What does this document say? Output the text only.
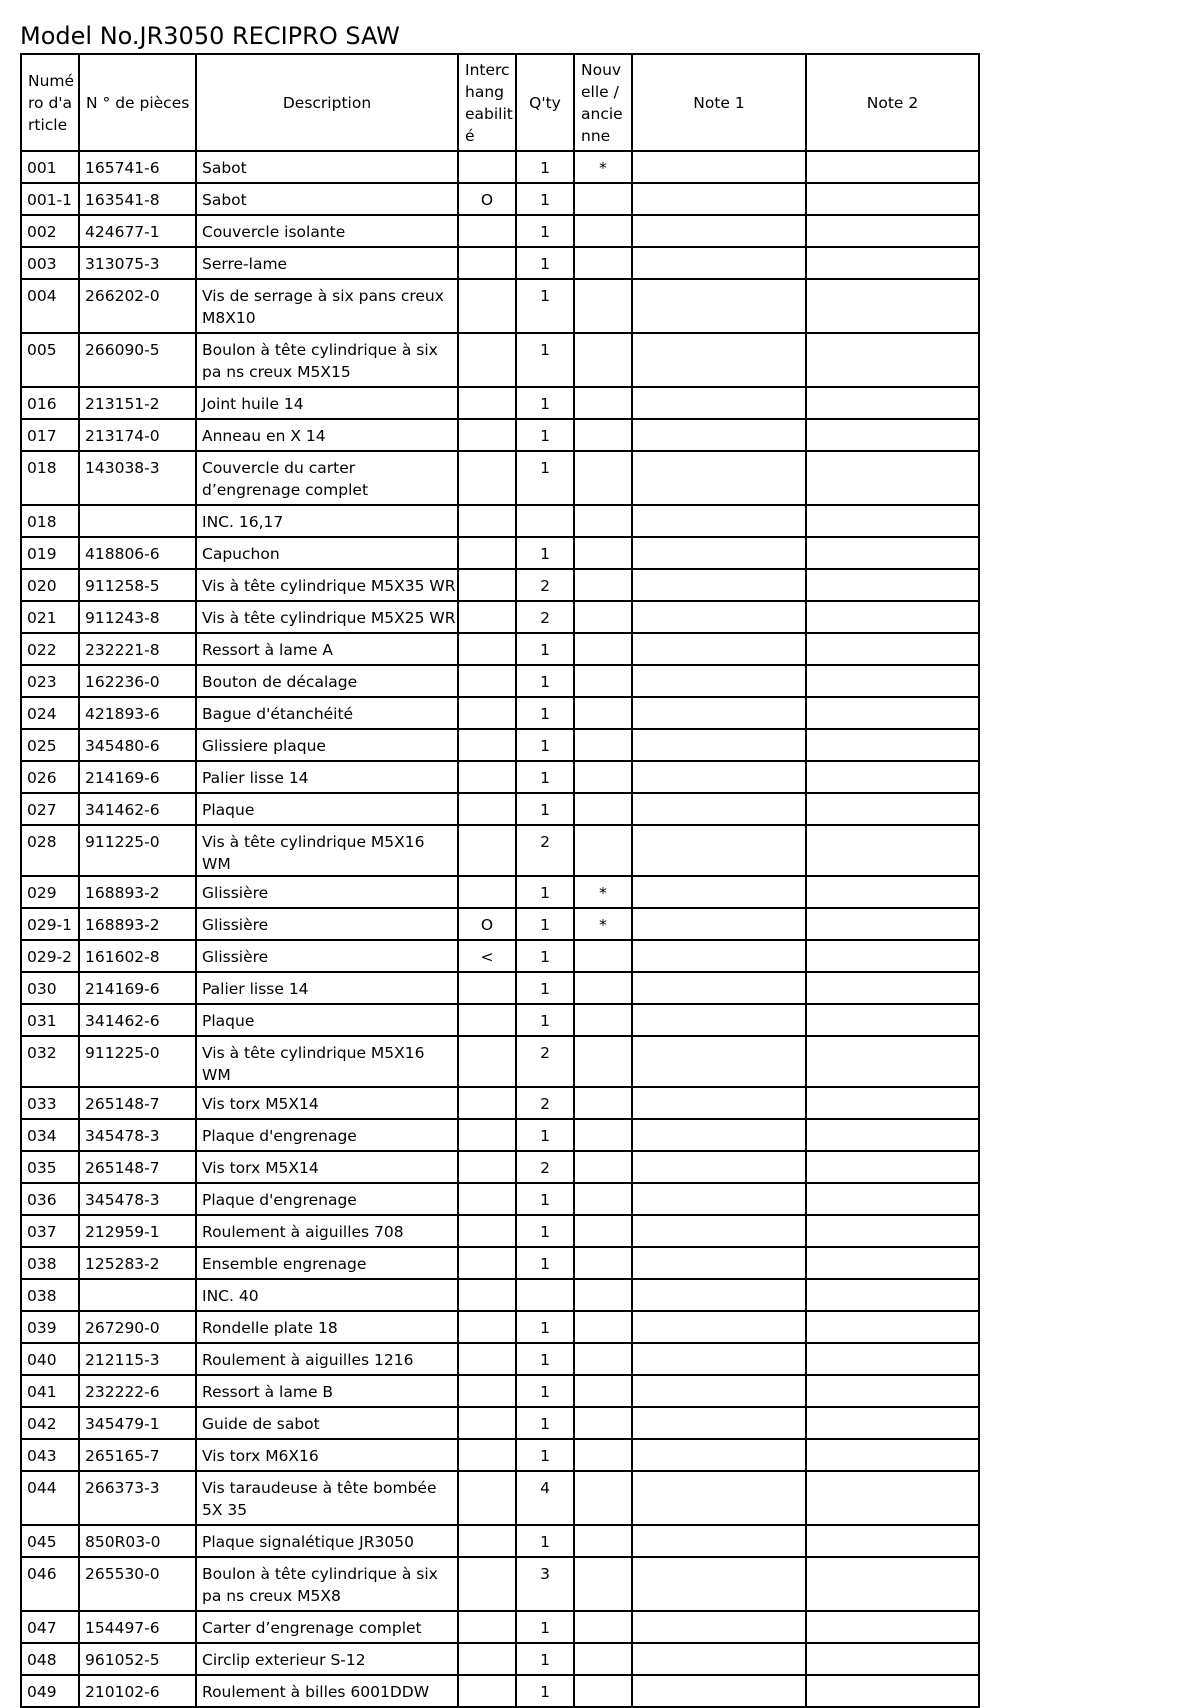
Model No.JR3050 RECIPRO SAW
Numé ro d'a rticle	N ° de pièces	Description	Interc hang eabilit é	Q'ty	Nouv elle / ancie nne	Note 1	Note 2
001	165741-6	Sabot		1	*		
001-1	163541-8	Sabot	O	1			
002	424677-1	Couvercle isolante		1			
003	313075-3	Serre-lame		1			
004	266202-0	Vis de serrage à six pans creux M8X10		1			
005	266090-5	Boulon à tête cylindrique à six pa ns creux M5X15		1			
016	213151-2	Joint huile 14		1			
017	213174-0	Anneau en X 14		1			
018	143038-3	Couvercle du carter d’engrenage complet		1			
018		INC. 16,17					
019	418806-6	Capuchon		1			
020	911258-5	Vis à tête cylindrique M5X35 WR		2			
021	911243-8	Vis à tête cylindrique M5X25 WR		2			
022	232221-8	Ressort à lame A		1			
023	162236-0	Bouton de décalage		1			
024	421893-6	Bague d'étanchéité		1			
025	345480-6	Glissiere plaque		1			
026	214169-6	Palier lisse 14		1			
027	341462-6	Plaque		1			
028	911225-0	Vis à tête cylindrique M5X16 WM		2			
029	168893-2	Glissière		1	*		
029-1	168893-2	Glissière	O	1	*		
029-2	161602-8	Glissière	<	1			
030	214169-6	Palier lisse 14		1			
031	341462-6	Plaque		1			
032	911225-0	Vis à tête cylindrique M5X16 WM		2			
033	265148-7	Vis torx M5X14		2			
034	345478-3	Plaque d'engrenage		1			
035	265148-7	Vis torx M5X14		2			
036	345478-3	Plaque d'engrenage		1			
037	212959-1	Roulement à aiguilles 708		1			
038	125283-2	Ensemble engrenage		1			
038		INC. 40					
039	267290-0	Rondelle plate 18		1			
040	212115-3	Roulement à aiguilles 1216		1			
041	232222-6	Ressort à lame B		1			
042	345479-1	Guide de sabot		1			
043	265165-7	Vis torx M6X16		1			
044	266373-3	Vis taraudeuse à tête bombée 5X 35		4			
045	850R03-0	Plaque signalétique JR3050		1			
046	265530-0	Boulon à tête cylindrique à six pa ns creux M5X8		3			
047	154497-6	Carter d’engrenage complet		1			
048	961052-5	Circlip exterieur S-12		1			
049	210102-6	Roulement à billes 6001DDW		1			
